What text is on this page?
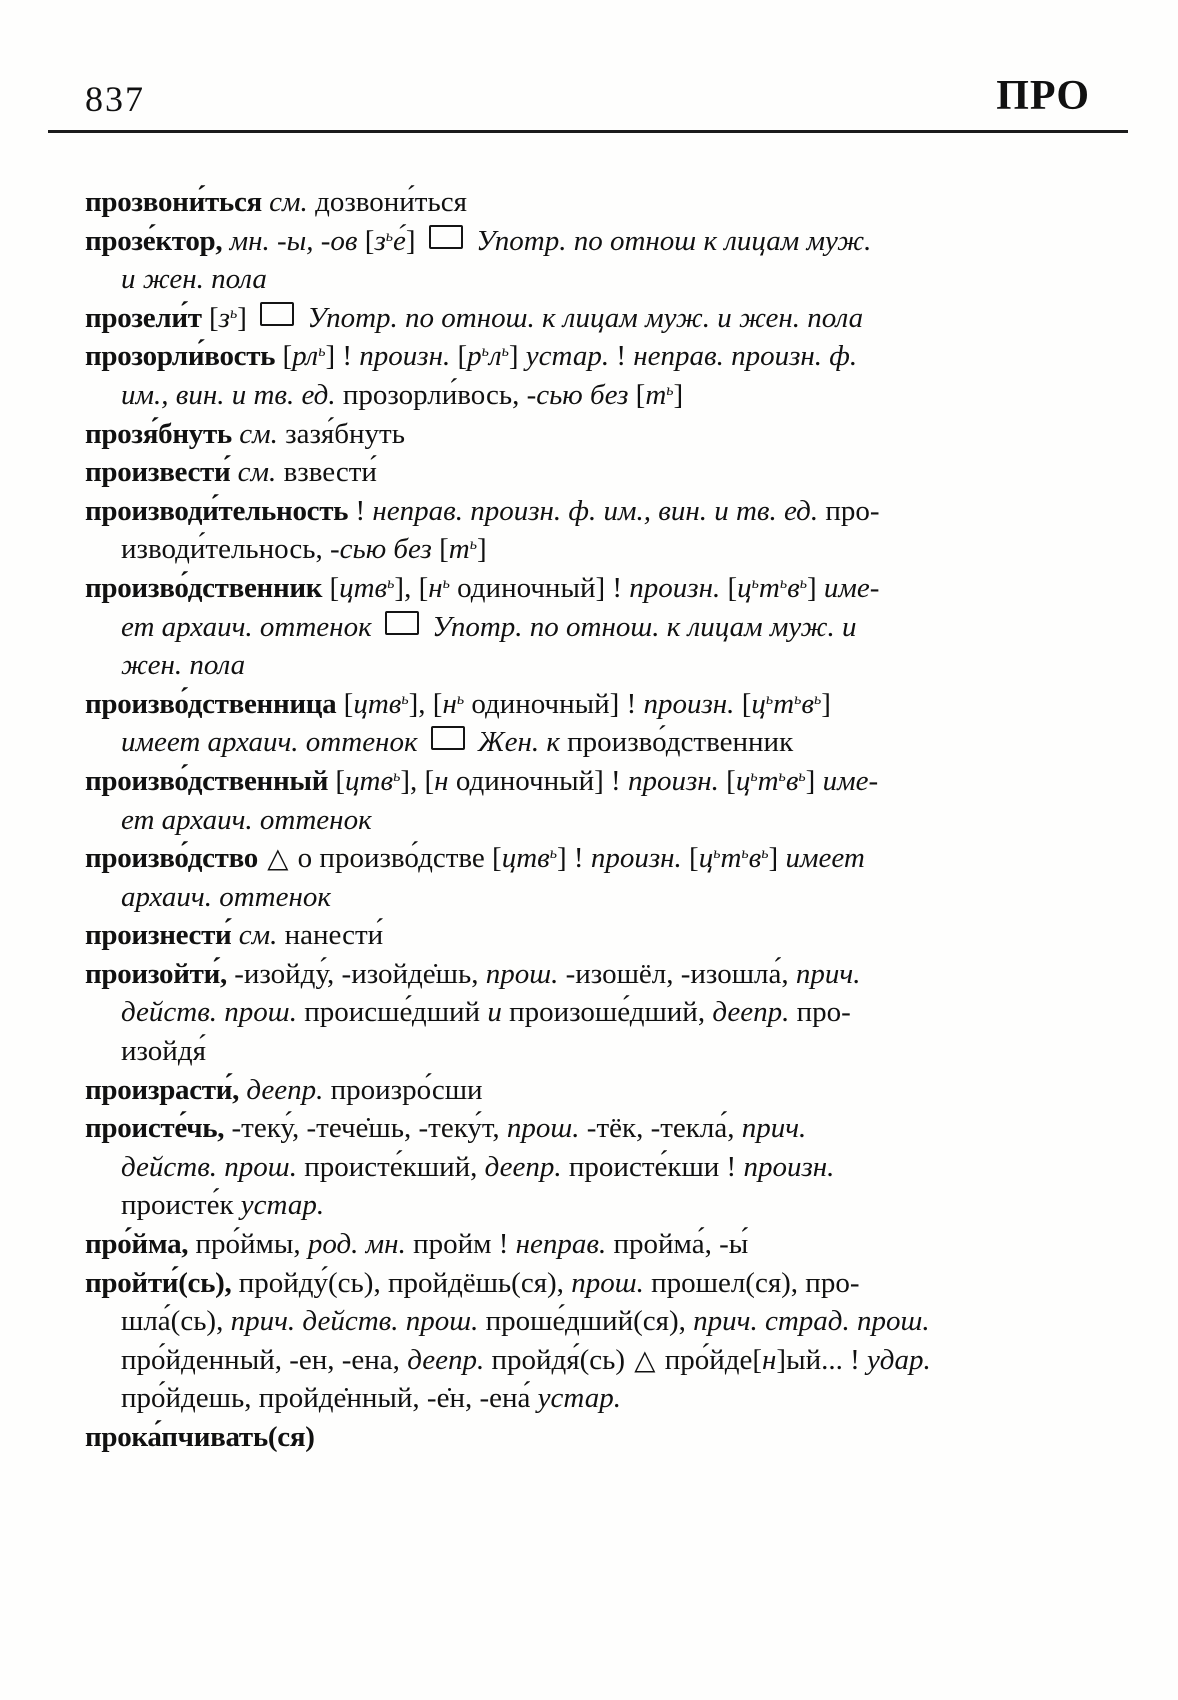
837	ПРО

прозвони́ться см. дозвони́ться

прозе́ктор, мн. -ы, -ов $[з^ье́]$  Употр. по отнош к лицам муж.

и жен. пола

прозели́т $[з^ь]$  Употр. по отнош. к лицам муж. и жен. пола

прозорли́вость $[рл^ь]$ ! произн. $[р^ьл^ь]$ устар. ! неправ. произн. ф.

им., вин. и тв. ед. прозорли́вось, -сью без $[т^ь]$

прозя́бнуть см. зазя́бнуть

произвести́ см. взвести́

производи́тельность ! неправ. произн. ф. им., вин. и тв. ед. про-

изводи́тельнось, -сью без $[т^ь]$

произво́дственник [цтв$^ь$], [$н^ь$ одиночный] ! произн. $[ц^ьт^ьв^ь]$ име-

ет архаич. оттенок  Употр. по отнош. к лицам муж. и

жен. пола

произво́дственница [цтв$^ь$], [$н^ь$ одиночный] ! произн. $[ц^ьт^ьв^ь]$

имеет архаич. оттенок  Жен. к произво́дственник

произво́дственный [цтв$^ь$], [н одиночный] ! произн. $[ц^ьт^ьв^ь]$ име-

ет архаич. оттенок

произво́дство △ о произво́дстве [цтв$^ь$] ! произн. $[ц^ьт^ьв^ь]$ имеет

архаич. оттенок

произнести́ см. нанести́

произойти́, -изойду́, -изойде̇шь, прош. -изошёл, -изошла́, прич.

действ. прош. происше́дший и произоше́дший, деепр. про-

изойдя́

произрасти́, деепр. произро́сши

происте́чь, -теку́, -тече̇шь, -теку́т, прош. -тёк, -текла́, прич.

действ. прош. происте́кший, деепр. происте́кши ! произн.

происте́к устар.

про́йма, про́ймы, род. мн. пройм ! неправ. пройма́, -ы́

пройти́(сь), пройду́(сь), пройдёшь(ся), прош. прошел(ся), про-

шла́(сь), прич. действ. прош. проше́дший(ся), прич. страд. прош.

про́йденный, -ен, -ена, деепр. пройдя́(сь) △ про́йде[н]ый... ! удар.

про́йдешь, пройде̇нный, -е̇н, -ена́ устар.

прока́пчивать(ся)
